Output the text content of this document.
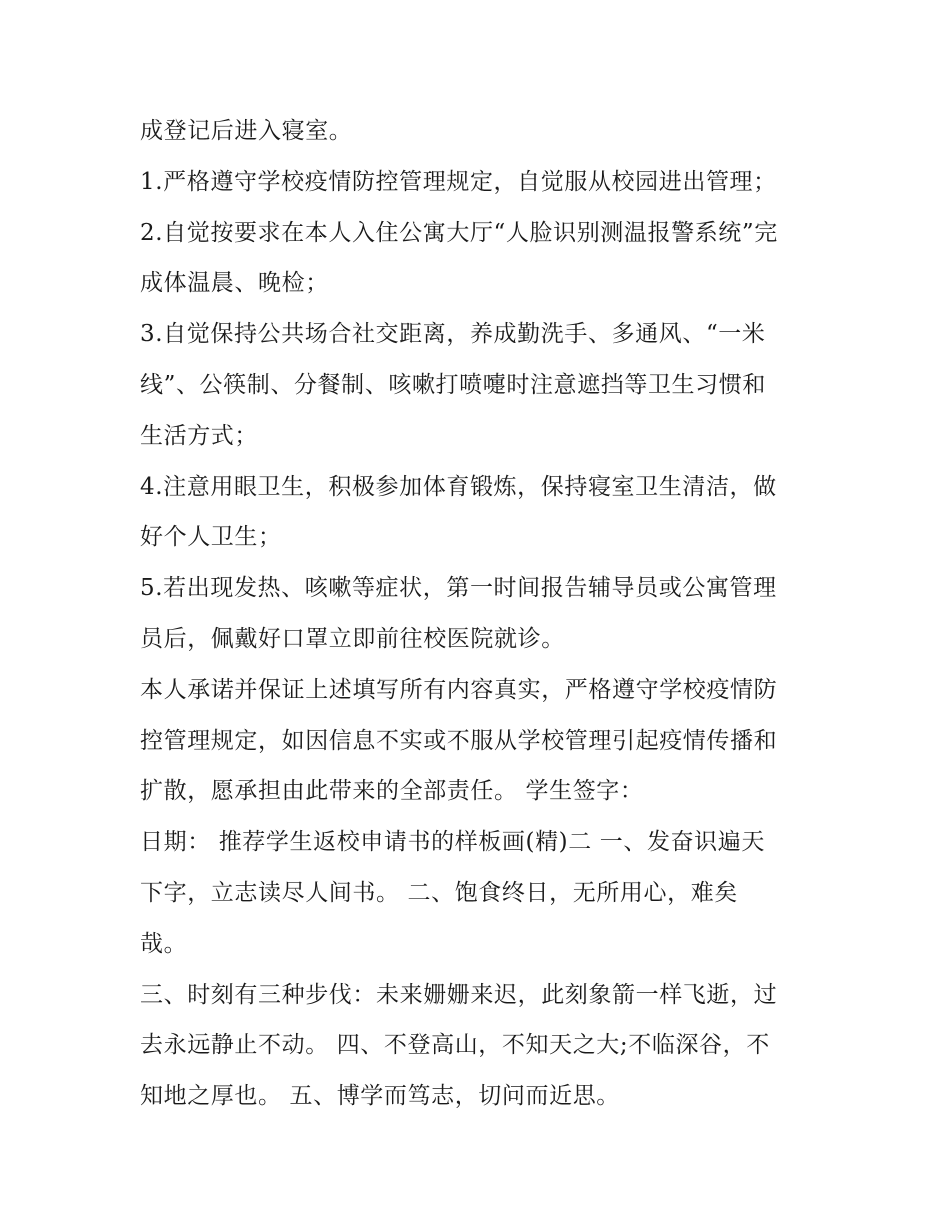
成登记后进入寝室。
1.严格遵守学校疫情防控管理规定，自觉服从校园进出管理；
2.自觉按要求在本人入住公寓大厅“人脸识别测温报警系统”完
成体温晨、晚检；
3.自觉保持公共场合社交距离，养成勤洗手、多通风、“一米
线”、公筷制、分餐制、咳嗽打喷嚏时注意遮挡等卫生习惯和
生活方式；
4.注意用眼卫生，积极参加体育锻炼，保持寝室卫生清洁，做
好个人卫生；
5.若出现发热、咳嗽等症状，第一时间报告辅导员或公寓管理
员后，佩戴好口罩立即前往校医院就诊。
本人承诺并保证上述填写所有内容真实，严格遵守学校疫情防
控管理规定，如因信息不实或不服从学校管理引起疫情传播和
扩散，愿承担由此带来的全部责任。 学生签字：
日期： 推荐学生返校申请书的样板画(精)二 一、发奋识遍天
下字，立志读尽人间书。 二、饱食终日，无所用心，难矣
哉。
三、时刻有三种步伐：未来姗姗来迟，此刻象箭一样飞逝，过
去永远静止不动。 四、不登高山，不知天之大;不临深谷，不
知地之厚也。 五、博学而笃志，切问而近思。
